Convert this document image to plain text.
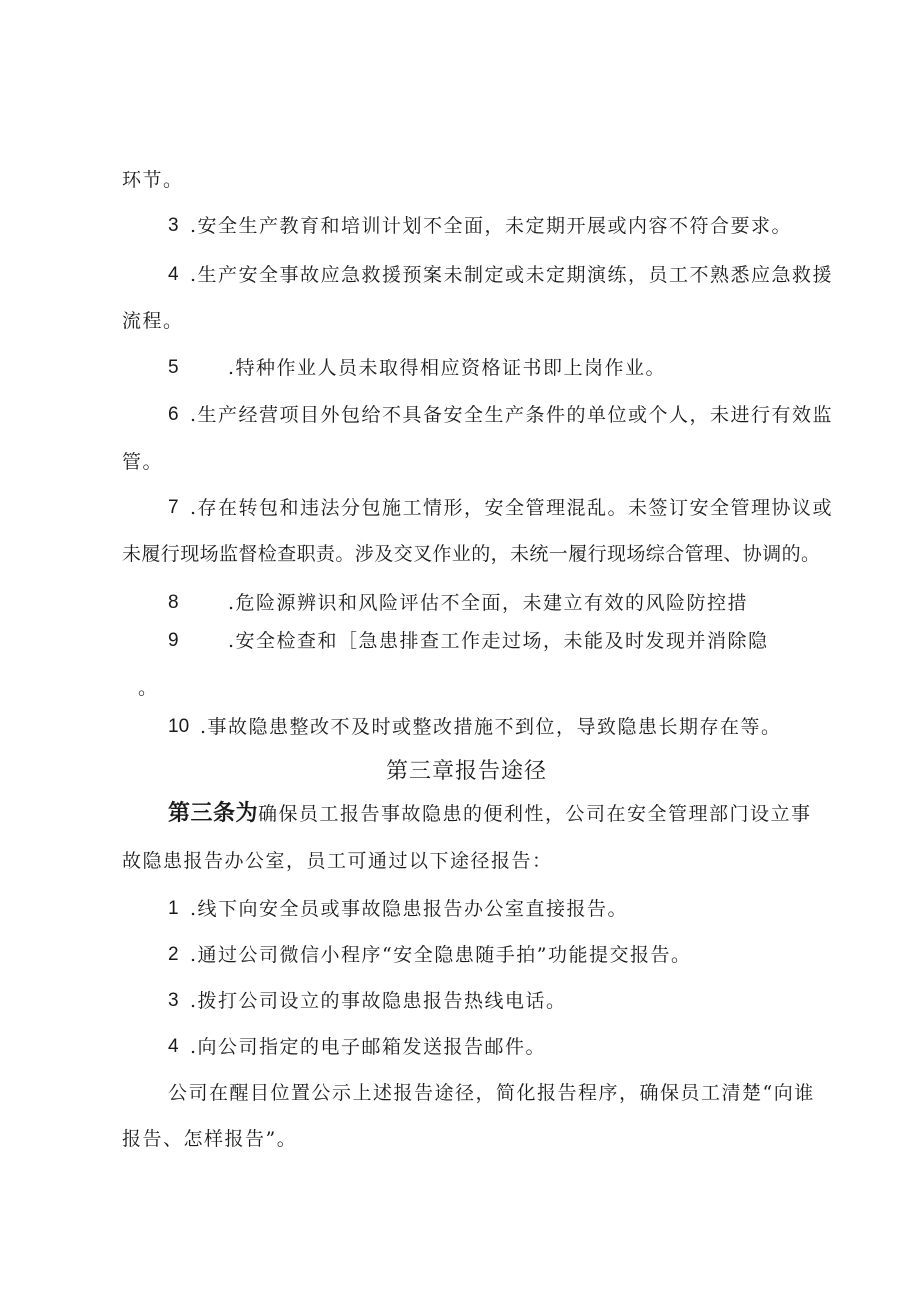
环节。

3 .安全生产教育和培训计划不全面，未定期开展或内容不符合要求。

4 .生产安全事故应急救援预案未制定或未定期演练，员工不熟悉应急救援

流程。

5	.特种作业人员未取得相应资格证书即上岗作业。

6 .生产经营项目外包给不具备安全生产条件的单位或个人，未进行有效监

管。

7 .存在转包和违法分包施工情形，安全管理混乱。未签订安全管理协议或

未履行现场监督检查职责。涉及交叉作业的，未统一履行现场综合管理、协调的。

8	.危险源辨识和风险评估不全面，未建立有效的风险防控措

9	.安全检查和［急患排查工作走过场，未能及时发现并消除隐

。

10 .事故隐患整改不及时或整改措施不到位，导致隐患长期存在等。

第三章报告途径

第三条为确保员工报告事故隐患的便利性，公司在安全管理部门设立事

故隐患报告办公室，员工可通过以下途径报告：

1 .线下向安全员或事故隐患报告办公室直接报告。

2 .通过公司微信小程序“安全隐患随手拍”功能提交报告。

3 .拨打公司设立的事故隐患报告热线电话。

4 .向公司指定的电子邮箱发送报告邮件。

公司在醒目位置公示上述报告途径，简化报告程序，确保员工清楚“向谁

报告、怎样报告”。
